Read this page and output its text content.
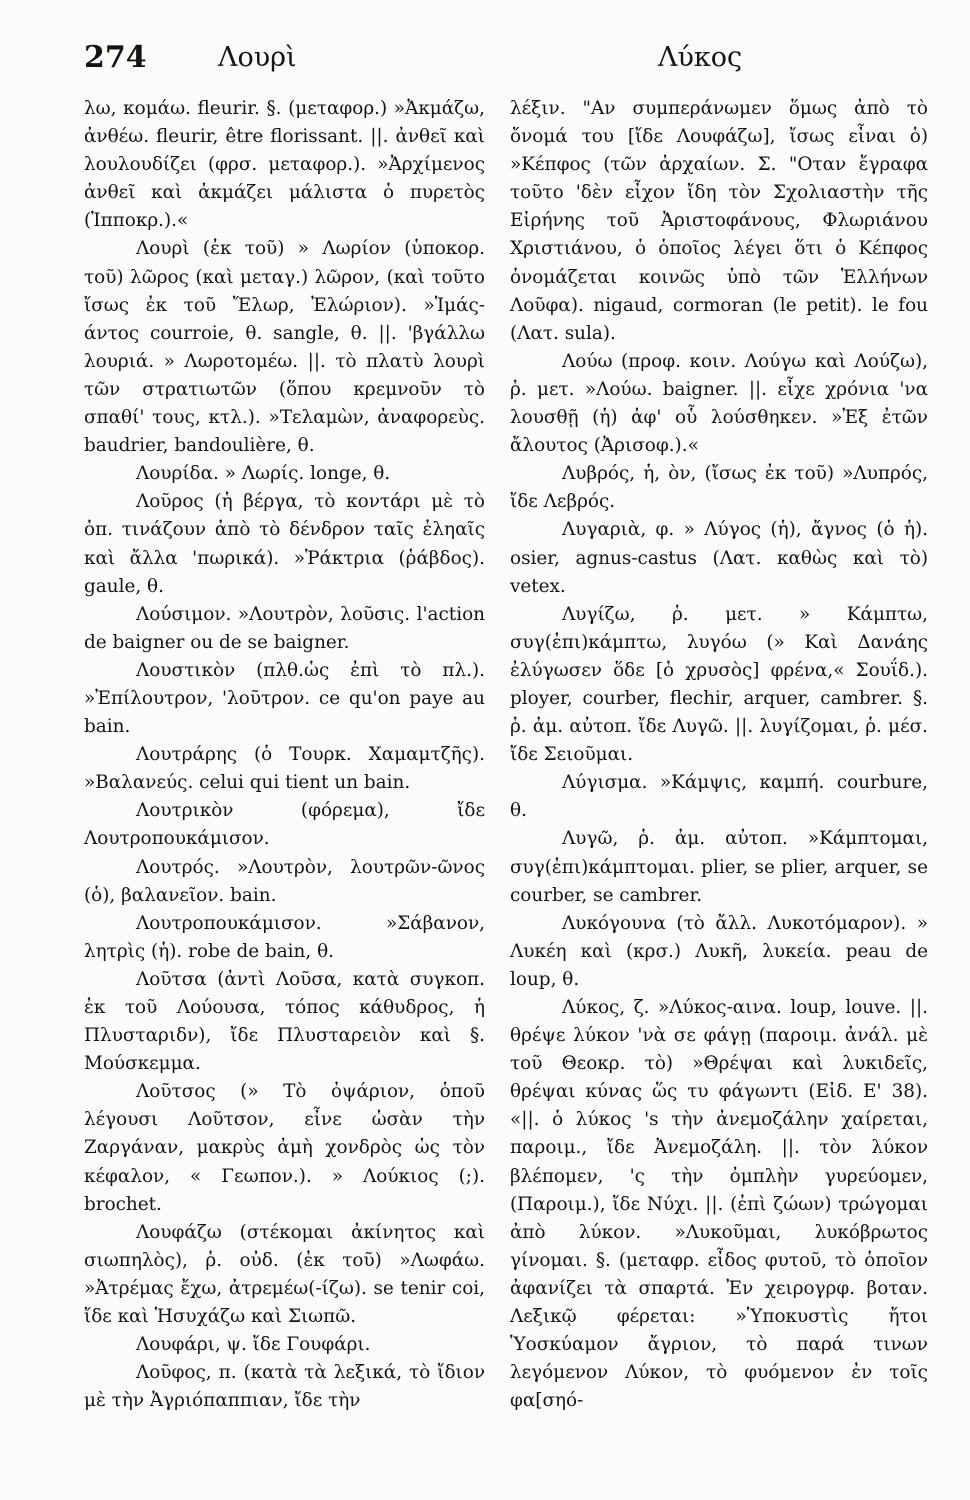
274	Λουρὶ	Λύκος

λω, κομάω. fleurir. §. (μεταφορ.) »Ἀκμάζω, ἀνθέω. fleurir, être florissant. ||. ἀνθεῖ καὶ λουλουδίζει (φρσ. μεταφορ.). »Ἀρχίμενος ἀνθεῖ καὶ ἀκμάζει μάλιστα ὁ πυρετὸς (Ἱπποκρ.).«

Λουρὶ (ἐκ τοῦ) » Λωρίον (ὑποκορ. τοῦ) λῶρος (καὶ μεταγ.) λῶρον, (καὶ τοῦτο ἴσως ἐκ τοῦ Ἔλωρ, Ἐλώριον). »Ἱμάς-άντος courroie, θ. sangle, θ. ||. 'βγάλλω λουριά. » Λωροτομέω. ||. τὸ πλατὺ λουρὶ τῶν στρατιωτῶν (ὅπου κρεμνοῦν τὸ σπαθί' τους, κτλ.). »Τελαμὼν, ἀναφορεὺς. baudrier, bandoulière, θ.

Λουρίδα. » Λωρίς. longe, θ.

Λοῦρος (ἡ βέργα, τὸ κοντάρι μὲ τὸ ὁπ. τινάζουν ἀπὸ τὸ δένδρον ταῖς ἐληαῖς καὶ ἄλλα 'πωρικά). »Ῥάκτρια (ῥάβδος). gaule, θ.

Λούσιμον. »Λουτρὸν, λοῦσις. l'action de baigner ou de se baigner.

Λουστικὸν (πλθ.ὡς ἐπὶ τὸ πλ.). »Ἐπίλουτρον, 'λοῦτρον. ce qu'on paye au bain.

Λουτράρης (ὁ Τουρκ. Χαμαμτζῆς). »Βαλανεύς. celui qui tient un bain.

Λουτρικὸν (φόρεμα), ἴδε Λουτροπουκάμισον.

Λουτρός. »Λουτρὸν, λουτρῶν-ῶνος (ὁ), βαλανεῖον. bain.

Λουτροπουκάμισον. »Σάβανον, λητρὶς (ἡ). robe de bain, θ.

Λοῦτσα (ἀντὶ Λοῦσα, κατὰ συγκοπ. ἐκ τοῦ Λούουσα, τόπος κάθυδρος, ἡ Πλυσταριδν), ἴδε Πλυσταρειὸν καὶ §. Μούσκεμμα.

Λοῦτσος (» Τὸ ὀψάριον, ὁποῦ λέγουσι Λοῦτσον, εἶνε ὡσὰν τὴν Ζαργάναν, μακρὺς ἀμὴ χονδρὸς ὡς τὸν κέφαλον, « Γεωπον.). » Λούκιος (;). brochet.

Λουφάζω (στέκομαι ἀκίνητος καὶ σιωπηλὸς), ῥ. οὐδ. (ἐκ τοῦ) »Λωφάω. »Ἀτρέμας ἔχω, ἀτρεμέω(-ίζω). se tenir coi, ἴδε καὶ Ἡσυχάζω καὶ Σιωπῶ.

Λουφάρι, ψ. ἴδε Γουφάρι.

Λοῦφος, π. (κατὰ τὰ λεξικά, τὸ ἴδιον μὲ τὴν Ἀγριόπαππιαν, ἴδε τὴν

λέξιν. "Αν συμπεράνωμεν ὅμως ἀπὸ τὸ ὄνομά του [ἴδε Λουφάζω], ἴσως εἶναι ὁ) »Κέπφος (τῶν ἀρχαίων. Σ. "Οταν ἔγραφα τοῦτο 'δὲν εἶχον ἴδη τὸν Σχολιαστὴν τῆς Εἰρήνης τοῦ Ἀριστοφάνους, Φλωριάνου Χριστιάνου, ὁ ὁποῖος λέγει ὅτι ὁ Κέπφος ὀνομάζεται κοινῶς ὑπὸ τῶν Ἑλλήνων Λοῦφα). nigaud, cormoran (le petit). le fou (Λατ. sula).

Λούω (προφ. κοιν. Λούγω καὶ Λούζω), ῥ. μετ. »Λούω. baigner. ||. εἶχε χρόνια 'να λουσθῇ (ἡ) ἀφ' οὗ λούσθηκεν. »Ἐξ ἐτῶν ἄλουτος (Ἀρισοφ.).«

Λυβρός, ἡ, ὸν, (ἴσως ἐκ τοῦ) »Λυπρός, ἴδε Λεβρός.

Λυγαριὰ, φ. » Λύγος (ἡ), ἄγνος (ὁ ἡ). osier, agnus-castus (Λατ. καθὼς καὶ τὸ) vetex.

Λυγίζω, ῥ. μετ. » Κάμπτω, συγ(ἐπι)κάμπτω, λυγόω (» Καὶ Δανάης ἐλύγωσεν ὅδε [ὁ χρυσὸς] φρένα,« Σουΐδ.). ployer, courber, flechir, arquer, cambrer. §. ῥ. ἀμ. αὐτοπ. ἴδε Λυγῶ. ||. λυγίζομαι, ῥ. μέσ. ἴδε Σειοῦμαι.

Λύγισμα. »Κάμψις, καμπή. courbure, θ.

Λυγῶ, ῥ. ἀμ. αὐτοπ. »Κάμπτομαι, συγ(ἐπι)κάμπτομαι. plier, se plier, arquer, se courber, se cambrer.

Λυκόγουνα (τὸ ἄλλ. Λυκοτόμαρον). » Λυκέη καὶ (κρσ.) Λυκῆ, λυκεία. peau de loup, θ.

Λύκος, ζ. »Λύκος-αινα. loup, louve. ||. θρέψε λύκον 'νὰ σε φάγῃ (παροιμ. ἀνάλ. μὲ τοῦ Θεοκρ. τὸ) »Θρέψαι καὶ λυκιδεῖς, θρέψαι κύνας ὥς τυ φάγωντι (Εἰδ. Ε' 38). «||. ὁ λύκος 's τὴν ἀνεμοζάλην χαίρεται, παροιμ., ἴδε Ἀνεμοζάλη. ||. τὸν λύκον βλέπομεν, 'ς τὴν ὀμπλὴν γυρεύομεν, (Παροιμ.), ἴδε Νύχι. ||. (ἐπὶ ζώων) τρώγομαι ἀπὸ λύκον. »Λυκοῦμαι, λυκόβρωτος γίνομαι. §. (μεταφρ. εἶδος φυτοῦ, τὸ ὁποῖον ἀφανίζει τὰ σπαρτά. Ἐν χειρογρφ. βοταν. Λεξικῷ φέρεται: »Ὑποκυστὶς ἤτοι Ὑοσκύαμον ἄγριον, τὸ παρά τινων λεγόμενον Λύκον, τὸ φυόμενον ἐν τοῖς φα[σηό-
